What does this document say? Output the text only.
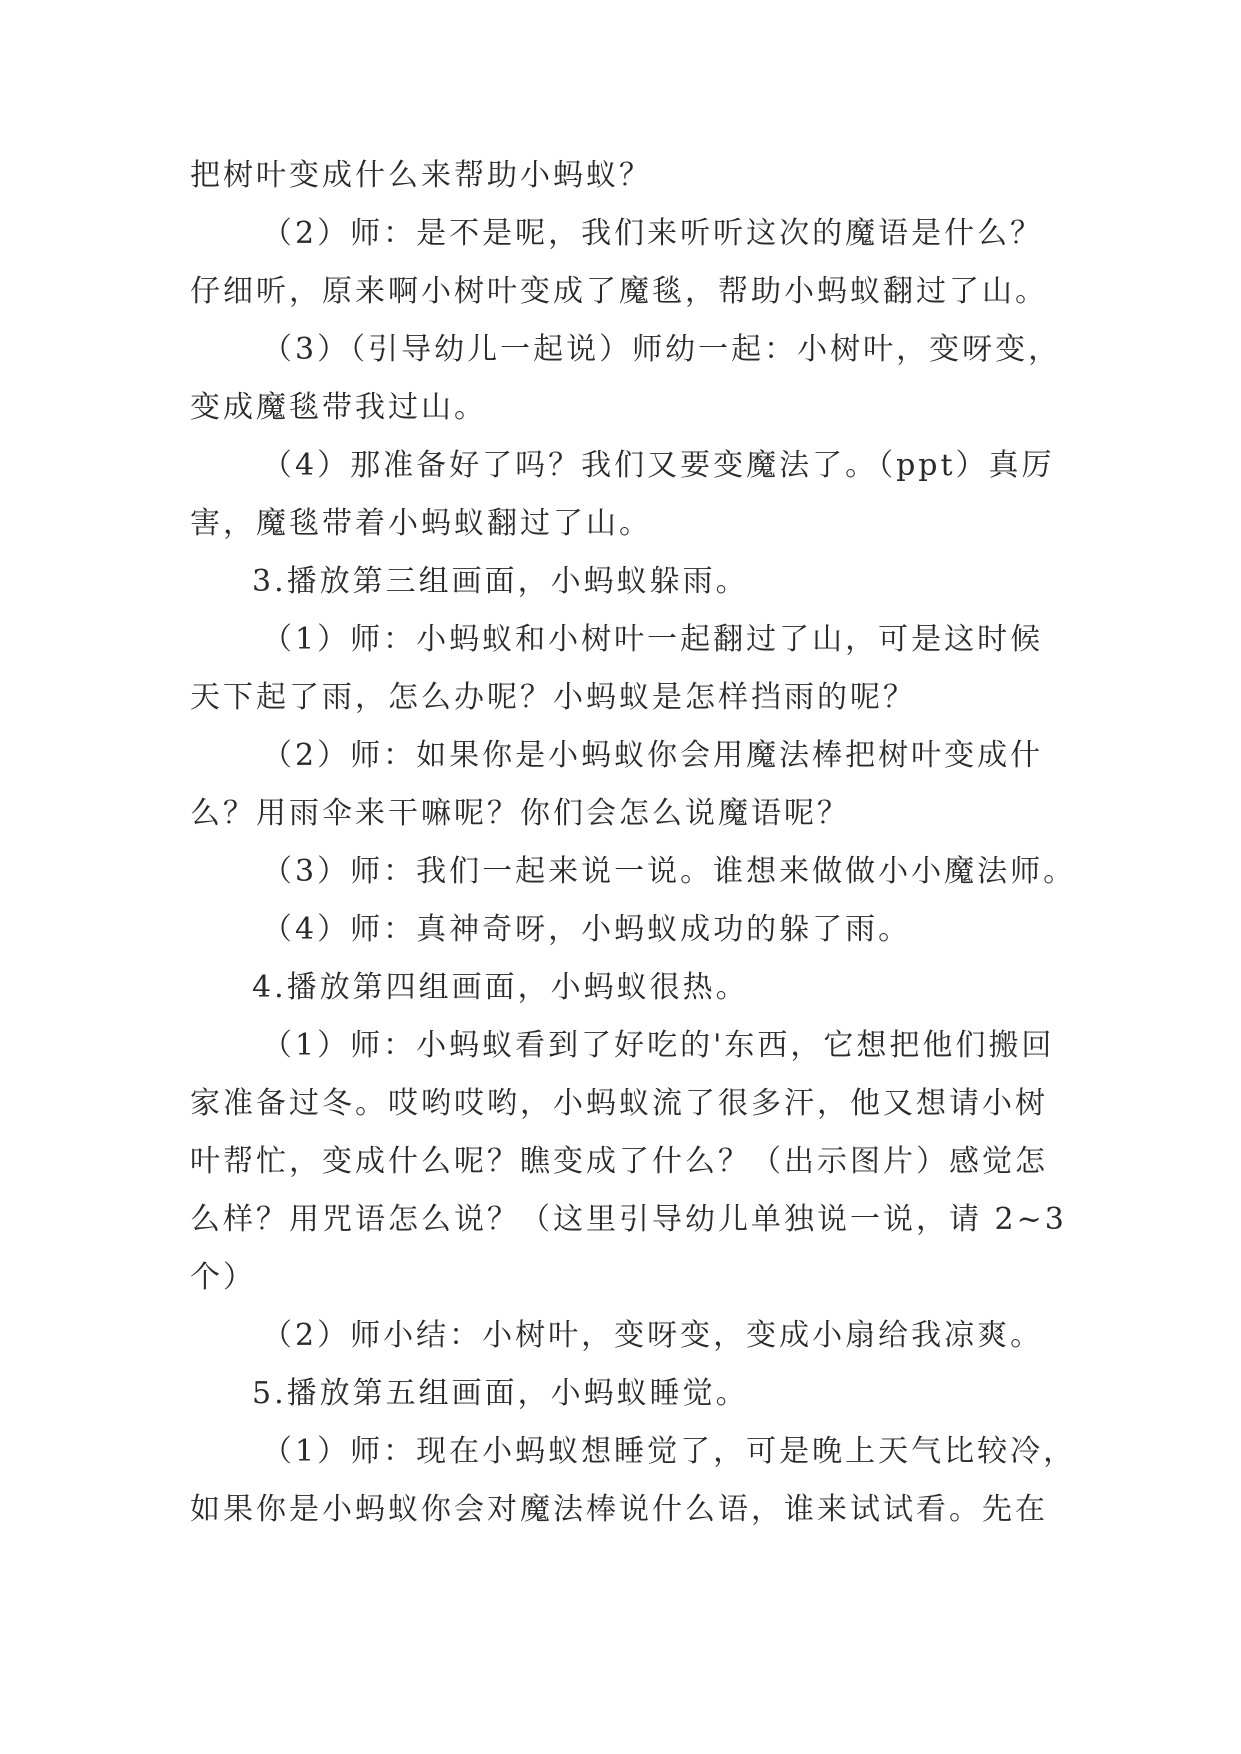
把树叶变成什么来帮助小蚂蚁？
（2）师：是不是呢，我们来听听这次的魔语是什么？
仔细听，原来啊小树叶变成了魔毯，帮助小蚂蚁翻过了山。
（3）（引导幼儿一起说）师幼一起：小树叶，变呀变，
变成魔毯带我过山。
（4）那准备好了吗？我们又要变魔法了。（ppt）真厉
害，魔毯带着小蚂蚁翻过了山。
3.播放第三组画面，小蚂蚁躲雨。
（1）师：小蚂蚁和小树叶一起翻过了山，可是这时候
天下起了雨，怎么办呢？小蚂蚁是怎样挡雨的呢？
（2）师：如果你是小蚂蚁你会用魔法棒把树叶变成什
么？用雨伞来干嘛呢？你们会怎么说魔语呢？
（3）师：我们一起来说一说。谁想来做做小小魔法师。
（4）师：真神奇呀，小蚂蚁成功的躲了雨。
4.播放第四组画面，小蚂蚁很热。
（1）师：小蚂蚁看到了好吃的'东西，它想把他们搬回
家准备过冬。哎哟哎哟，小蚂蚁流了很多汗，他又想请小树
叶帮忙，变成什么呢？瞧变成了什么？（出示图片）感觉怎
么样？用咒语怎么说？（这里引导幼儿单独说一说，请 2~3
个）
（2）师小结：小树叶，变呀变，变成小扇给我凉爽。
5.播放第五组画面，小蚂蚁睡觉。
（1）师：现在小蚂蚁想睡觉了，可是晚上天气比较冷，
如果你是小蚂蚁你会对魔法棒说什么语，谁来试试看。先在
